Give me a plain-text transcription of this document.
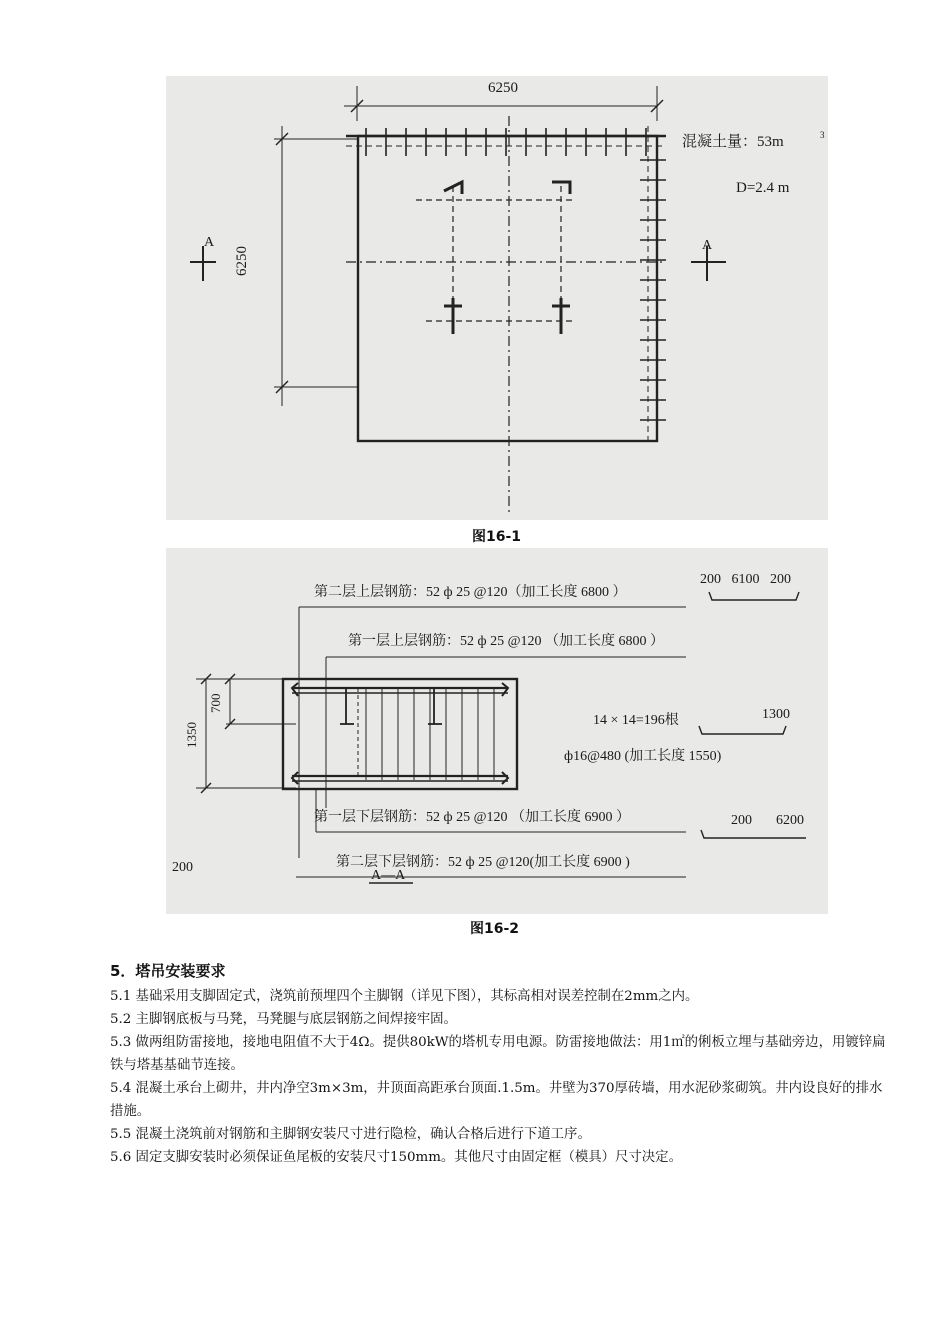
6250
6250
混凝土量：53m	3
D=2.4 m
A	A
图16-1
第二层上层钢筋：52 ф 25 @120（加工长度 6800 ）
第一层上层钢筋：52 ф 25 @120 （加工长度 6800 ）
14 × 14=196根
ф16@480 (加工长度 1550)
第一层下层钢筋：52 ф 25 @120 （加工长度 6900 ）
第二层下层钢筋：52 ф 25 @120(加工长度 6900 )
200   6100   200
1300
200 6200
1350
700
200
A—A
图16-2
5．塔吊安装要求
5.1 基础采用支脚固定式，浇筑前预埋四个主脚钢（详见下图），其标高相对误差控制在2mm之内。
5.2 主脚钢底板与马凳，马凳腿与底层钢筋之间焊接牢固。
5.3 做两组防雷接地，接地电阻值不大于4Ω。提供80kW的塔机专用电源。防雷接地做法：用1㎡的俐板立埋与基础旁边，用镀锌扁铁与塔基基础节连接。
5.4 混凝土承台上砌井，井内净空3m×3m，井顶面高距承台顶面.1.5m。井壁为370厚砖墙，用水泥砂浆砌筑。井内设良好的排水措施。
5.5 混凝土浇筑前对钢筋和主脚钢安装尺寸进行隐检，确认合格后进行下道工序。
5.6 固定支脚安装时必须保证鱼尾板的安装尺寸150mm。其他尺寸由固定框（模具）尺寸决定。
